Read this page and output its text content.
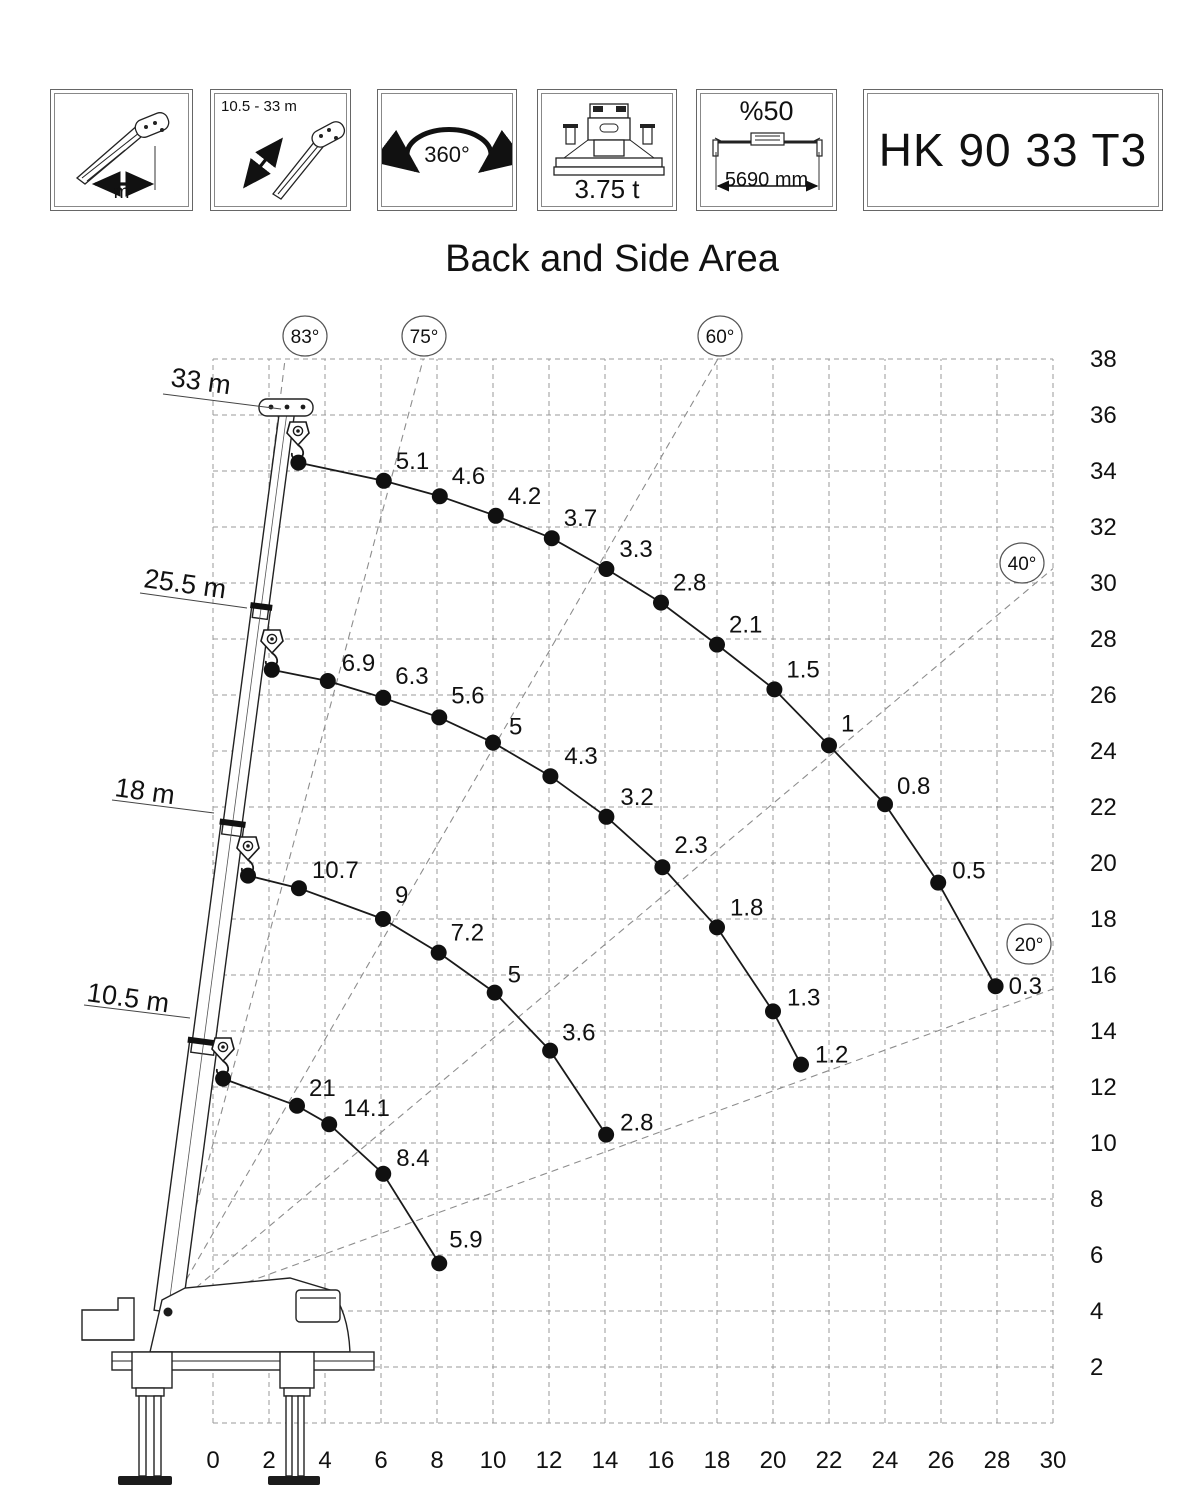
m
10.5 - 33 m
360°
3.75 t
%50
5690 mm
HK 90 33 T3
Back and Side Area
5.1
4.6
4.2
3.7
3.3
2.8
2.1
1.5
1
0.8
0.5
0.3
6.9 6.3
5.6
5
4.3
3.2
2.3
1.8
1.3
1.2
10.7
9
7.2
5
3.6
2.8
21
14.1
8.4
5.9
83°	75°	60°
40°
20°
0 2 4 6 8 10 12 14 16 18 20 22 24 26 28 30
2
4
6
8
10
12
14
16
18
20
22
24
26
28
30
32
34
36
38
33 m
25.5 m
18 m
10.5 m
